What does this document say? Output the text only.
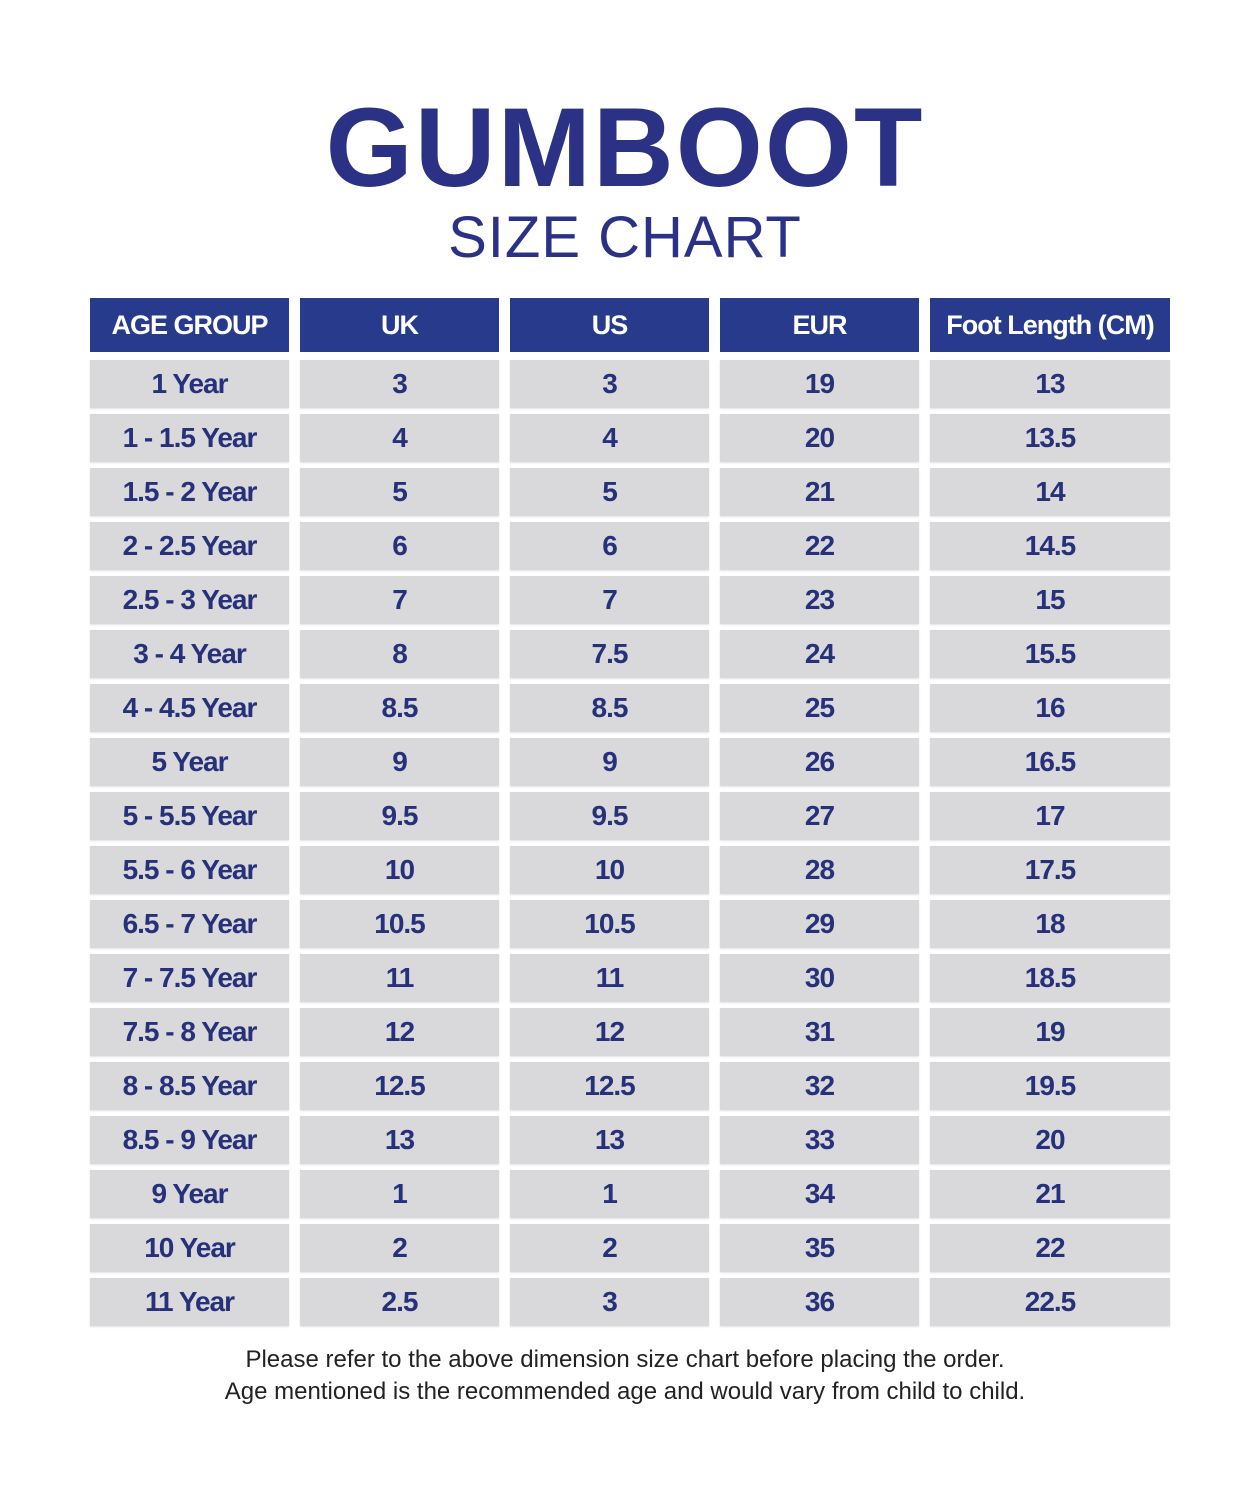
GUMBOOT
SIZE CHART
AGE GROUP	UK	US	EUR	Foot Length (CM)
1 Year	3	3	19	13
1 - 1.5 Year	4	4	20	13.5
1.5 - 2 Year	5	5	21	14
2 - 2.5 Year	6	6	22	14.5
2.5 - 3 Year	7	7	23	15
3 - 4 Year	8	7.5	24	15.5
4 - 4.5 Year	8.5	8.5	25	16
5 Year	9	9	26	16.5
5 - 5.5 Year	9.5	9.5	27	17
5.5 - 6 Year	10	10	28	17.5
6.5 - 7 Year	10.5	10.5	29	18
7 - 7.5 Year	11	11	30	18.5
7.5 - 8 Year	12	12	31	19
8 - 8.5 Year	12.5	12.5	32	19.5
8.5 - 9 Year	13	13	33	20
9 Year	1	1	34	21
10 Year	2	2	35	22
11 Year	2.5	3	36	22.5
Please refer to the above dimension size chart before placing the order.
Age mentioned is the recommended age and would vary from child to child.
